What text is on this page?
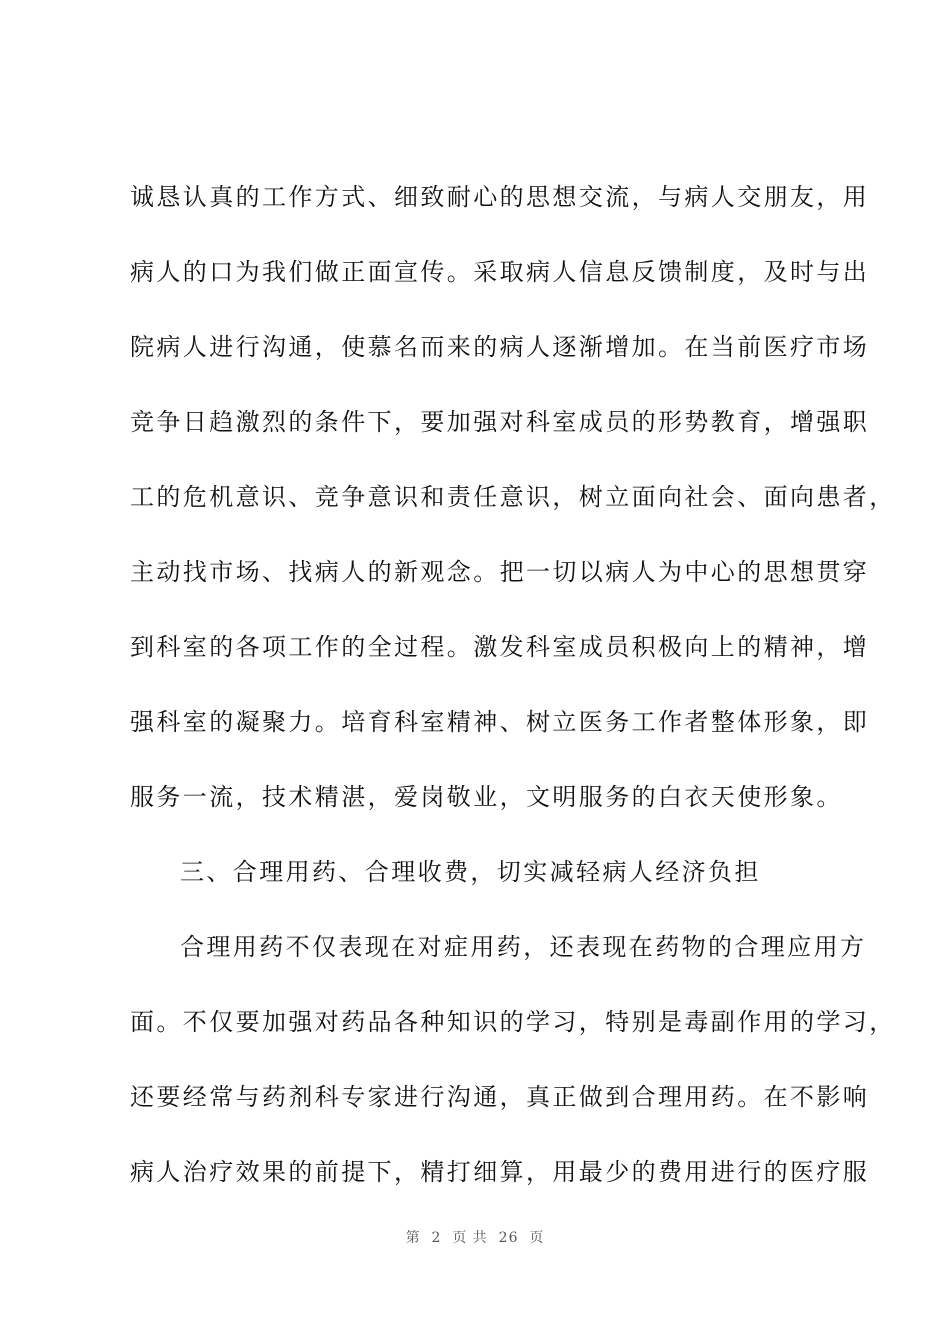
诚恳认真的工作方式、细致耐心的思想交流，与病人交朋友，用
病人的口为我们做正面宣传。采取病人信息反馈制度，及时与出
院病人进行沟通，使慕名而来的病人逐渐增加。在当前医疗市场
竞争日趋激烈的条件下，要加强对科室成员的形势教育，增强职
工的危机意识、竞争意识和责任意识，树立面向社会、面向患者，
主动找市场、找病人的新观念。把一切以病人为中心的思想贯穿
到科室的各项工作的全过程。激发科室成员积极向上的精神，增
强科室的凝聚力。培育科室精神、树立医务工作者整体形象，即
服务一流，技术精湛，爱岗敬业，文明服务的白衣天使形象。
三、合理用药、合理收费，切实减轻病人经济负担
合理用药不仅表现在对症用药，还表现在药物的合理应用方
面。不仅要加强对药品各种知识的学习，特别是毒副作用的学习，
还要经常与药剂科专家进行沟通，真正做到合理用药。在不影响
病人治疗效果的前提下，精打细算，用最少的费用进行的医疗服
第  2  页 共  26  页
